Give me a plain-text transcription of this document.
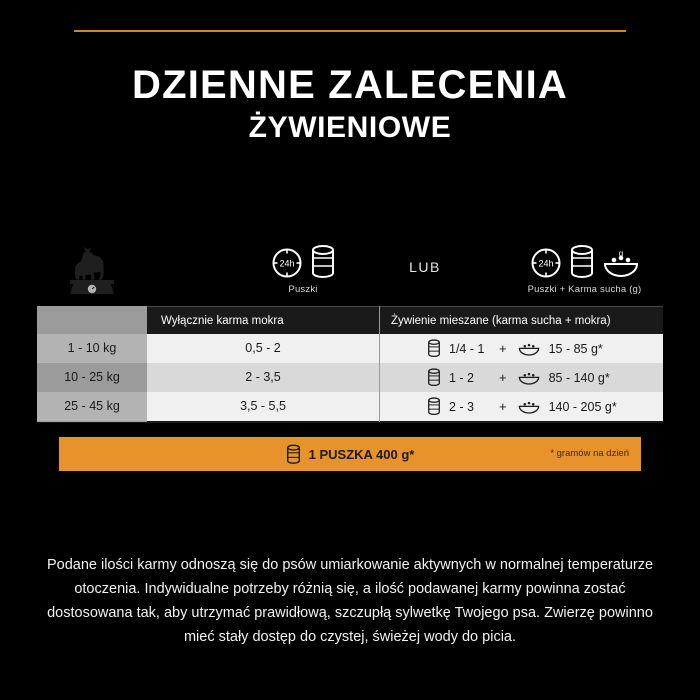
DZIENNE ZALECENIA
ŻYWIENIOWE
24h
Puszki
LUB	24h
g
Puszki + Karma sucha (g)
Wyłącznie karma mokra	Żywienie mieszane (karma sucha + mokra)
1 - 10 kg	0,5 - 2	1/4 - 1	+	15 - 85 g*
10 - 25 kg	2 - 3,5	1 - 2	+	85 - 140 g*
25 - 45 kg	3,5 - 5,5	2 - 3	+	140 - 205 g*
1 PUSZKA 400 g*	* gramów na dzień
Podane ilości karmy odnoszą się do psów umiarkowanie aktywnych w normalnej temperaturze otoczenia. Indywidualne potrzeby różnią się, a ilość podawanej karmy powinna zostać dostosowana tak, aby utrzymać prawidłową, szczupłą sylwetkę Twojego psa. Zwierzę powinno mieć stały dostęp do czystej, świeżej wody do picia.
